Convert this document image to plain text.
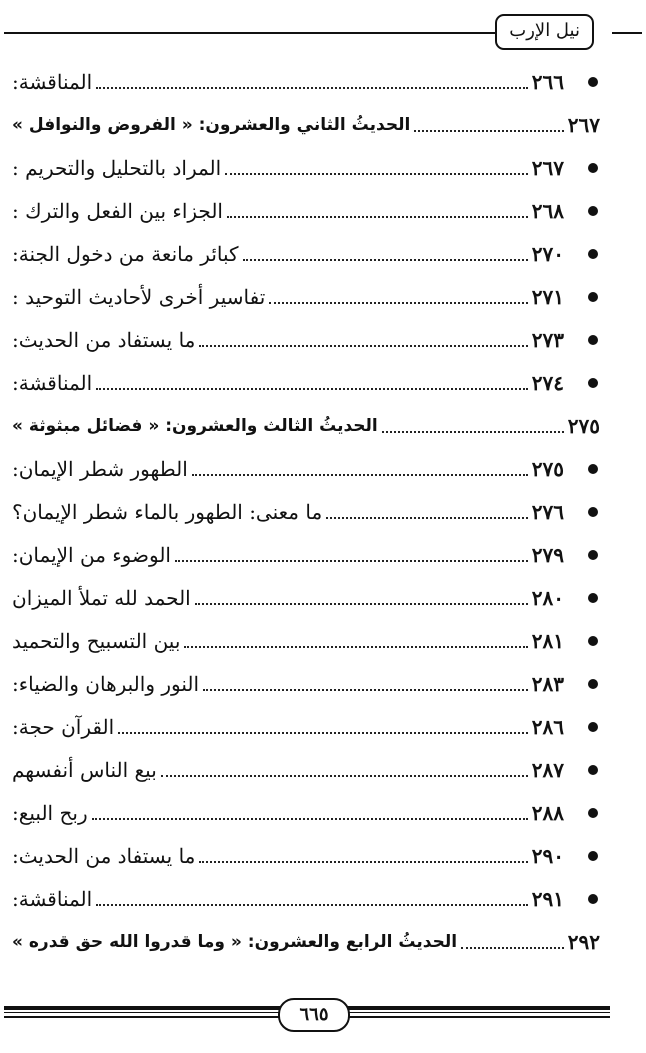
نيل الإرب
المناقشة:	٢٦٦
الحديثُ الثاني والعشرون: « الفروض والنوافل »	٢٦٧
المراد بالتحليل والتحريم :	٢٦٧
الجزاء بين الفعل والترك :	٢٦٨
كبائر مانعة من دخول الجنة:	٢٧٠
تفاسير أخرى لأحاديث التوحيد :	٢٧١
ما يستفاد من الحديث:	٢٧٣
المناقشة:	٢٧٤
الحديثُ الثالث والعشرون: « فضائل مبثوثة »	٢٧٥
الطهور شطر الإيمان:	٢٧٥
ما معنى: الطهور بالماء شطر الإيمان؟	٢٧٦
الوضوء من الإيمان:	٢٧٩
الحمد لله تملأ الميزان	٢٨٠
بين التسبيح والتحميد	٢٨١
النور والبرهان والضياء:	٢٨٣
القرآن حجة:	٢٨٦
بيع الناس أنفسهم	٢٨٧
ربح البيع:	٢٨٨
ما يستفاد من الحديث:	٢٩٠
المناقشة:	٢٩١
الحديثُ الرابع والعشرون: « وما قدروا الله حق قدره »	٢٩٢
٦٦٥
